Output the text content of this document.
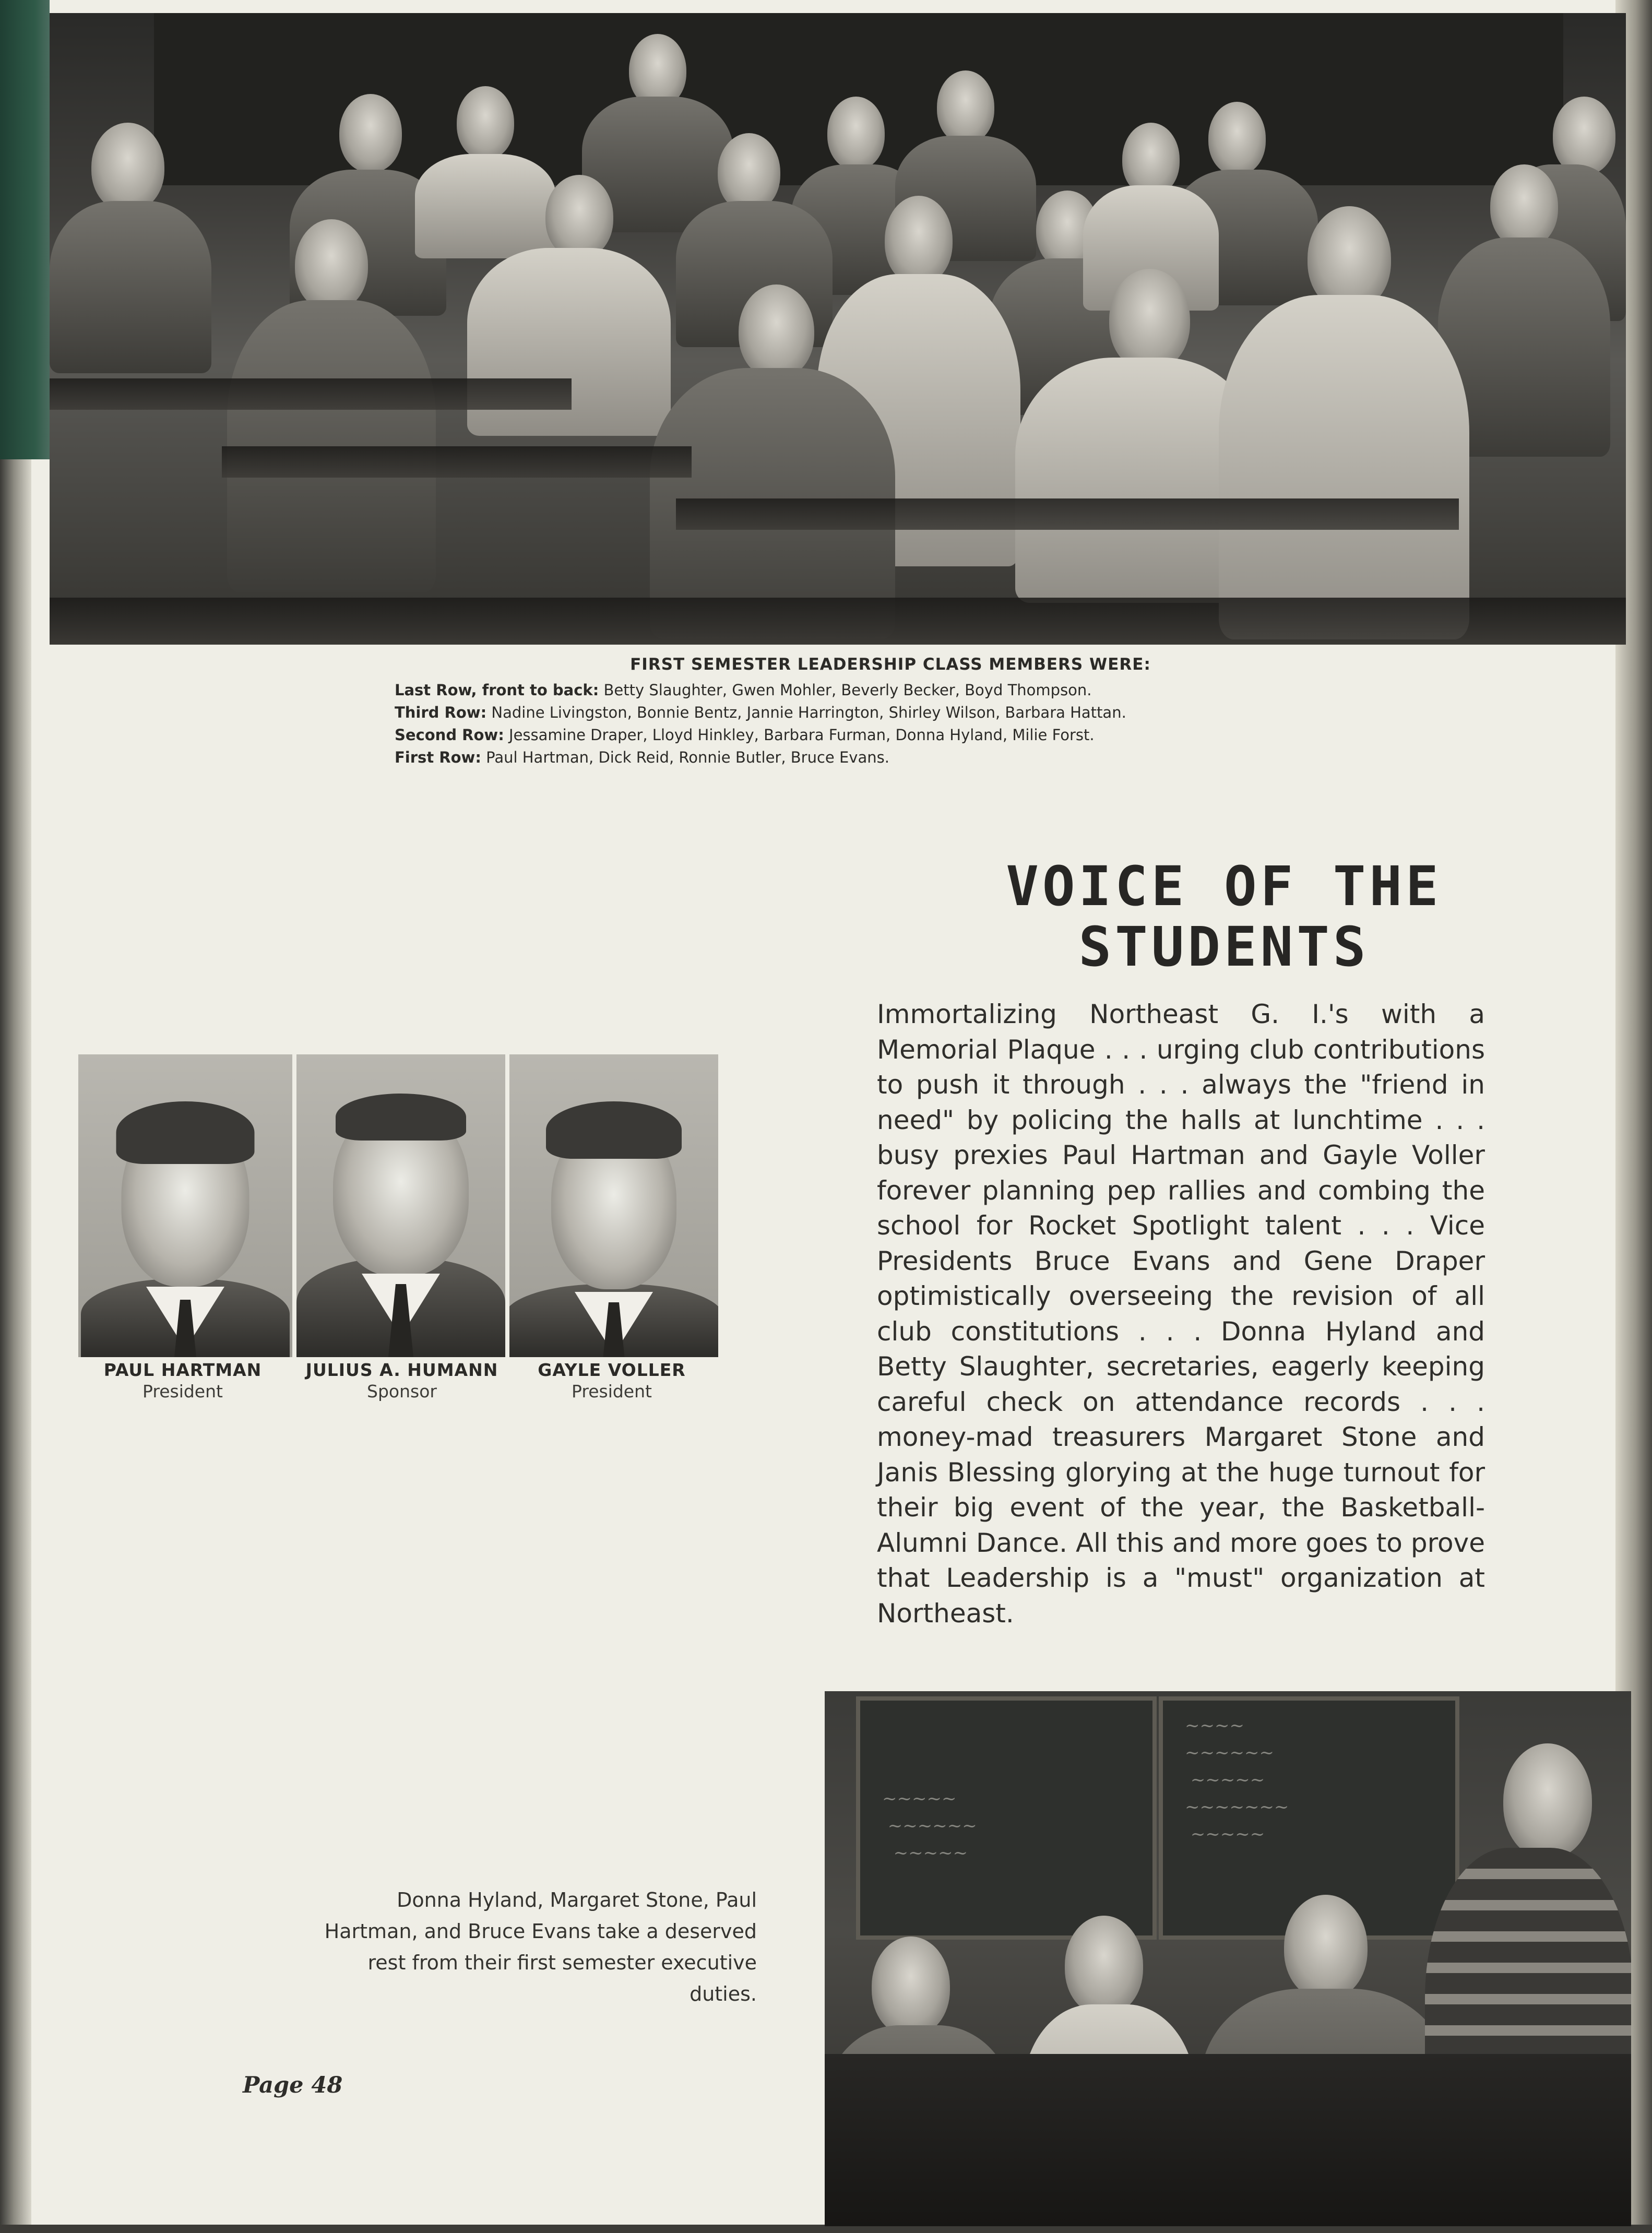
FIRST SEMESTER LEADERSHIP CLASS MEMBERS WERE:
Last Row, front to back: Betty Slaughter, Gwen Mohler, Beverly Becker, Boyd Thompson.
Third Row: Nadine Livingston, Bonnie Bentz, Jannie Harrington, Shirley Wilson, Barbara Hattan.
Second Row: Jessamine Draper, Lloyd Hinkley, Barbara Furman, Donna Hyland, Milie Forst.
First Row: Paul Hartman, Dick Reid, Ronnie Butler, Bruce Evans.
VOICE OF THE
STUDENTS
Immortalizing Northeast G. I.'s with a Memorial Plaque . . . urging club contributions to push it through . . . always the "friend in need" by policing the halls at lunchtime . . . busy prexies Paul Hartman and Gayle Voller forever planning pep rallies and combing the school for Rocket Spotlight talent . . . Vice Presidents Bruce Evans and Gene Draper optimistically overseeing the revision of all club constitutions . . . Donna Hyland and Betty Slaughter, secretaries, eagerly keeping careful check on attendance records . . . money-mad treasurers Margaret Stone and Janis Blessing glorying at the huge turnout for their big event of the year, the Basketball-Alumni Dance. All this and more goes to prove that Leadership is a "must" organization at Northeast.
PAUL HARTMAN
President
JULIUS A. HUMANN
Sponsor
GAYLE VOLLER
President
~~~~~
~~~~~~
~~~~~
~~~~
~~~~~~
~~~~~
~~~~~~~
~~~~~
Donna Hyland, Margaret Stone, Paul Hartman, and Bruce Evans take a deserved rest from their first semester executive duties.
Page 48
